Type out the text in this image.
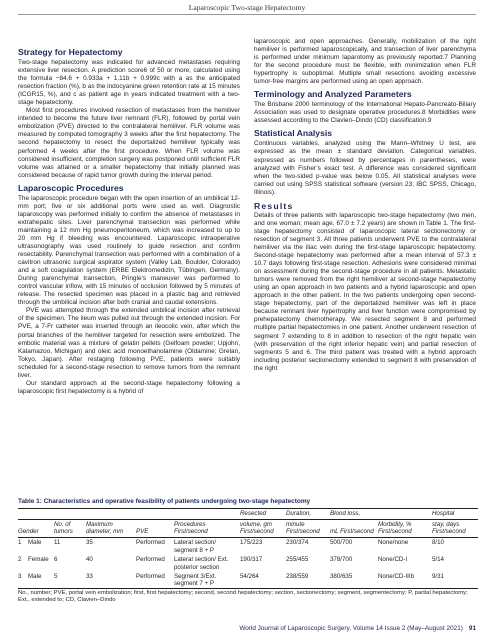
Laparoscopic Two-stage Hepatectomy
Strategy for Hepatectomy

Two-stage hepatectomy was indicated for advanced metastases requiring extensive liver resection. A prediction score6 of 50 or more, calculated using the formula −84.6 + 0.933a + 1.11b + 0.999c with a as the anticipated resection fraction (%), b as the indocyanine green retention rate at 15 minutes (ICGR15, %), and c as patient age in years indicated treatment with a two-stage hepatectomy.

Most first procedures involved resection of metastases from the hemiliver intended to become the future liver remnant (FLR), followed by portal vein embolization (PVE) directed to the contralateral hemiliver. FLR volume was measured by computed tomography 3 weeks after the first hepatectomy. The second hepatectomy to resect the deportalized hemiliver typically was performed 4 weeks after the first procedure. When FLR volume was considered insufficient, completion surgery was postponed until sufficient FLR volume was attained or a smaller hepatectomy that initially planned was considered because of rapid tumor growth during the interval period.

Laparoscopic Procedures

The laparoscopic procedure began with the open insertion of an umbilical 12-mm port; five or six additional ports were used as well. Diagnostic laparoscopy was performed initially to confirm the absence of metastases in extrahepatic sites. Liver parenchymal transection was performed while maintaining a 12 mm Hg pneumoperitoneum, which was increased to up to 20 mm Hg if bleeding was encountered. Laparoscopic intraoperative ultrasonography was used routinely to guide resection and confirm resectability. Parenchymal transection was performed with a combination of a cavitron ultrasonic surgical aspirator system (Valley Lab, Boulder, Colorado) and a soft coagulation system (ERBE Elektromedizin, Tübingen, Germany). During parenchymal transection, Pringle’s maneuver was performed to control vascular inflow, with 15 minutes of occlusion followed by 5 minutes of release. The resected specimen was placed in a plastic bag and retrieved through the umbilical incision after both cranial and caudal extensions.

PVE was attempted through the extended umbilical incision after retrieval of the specimen. The ileum was pulled out through the extended incision. For PVE, a 7-Fr catheter was inserted through an ileocolic vein, after which the portal branches of the hemiliver targeted for resection were embolized. The embolic material was a mixture of gelatin pellets (Gelfoam powder; Upjohn, Kalamazoo, Michigan) and oleic acid monoethanolamine (Oldamine; Grelan, Tokyo, Japan). After restaging following PVE, patients were suitably scheduled for a second-stage resection to remove tumors from the remnant liver.

Our standard approach at the second-stage hepatectomy following a laparoscopic first hepatectomy is a hybrid of

laparoscopic and open approaches. Generally, mobilization of the right hemiliver is performed laparoscopically, and transection of liver parenchyma is performed under minimum laparotomy as previously reported.7 Planning for the second procedure must be flexible, with minimization when FLR hypertrophy is suboptimal. Multiple small resections avoiding excessive tumor-free margins are performed using an open approach.

Terminology and Analyzed Parameters

The Brisbane 2000 terminology of the International Hepato-Pancreato-Biliary Association was used to designate operative procedures.8 Morbidities were assessed according to the Clavien–Dindo (CD) classification.9

Statistical Analysis

Continuous variables, analyzed using the Mann–Whitney U test, are expressed as the mean ± standard deviation. Categorical variables, expressed as numbers followed by percentages in parentheses, were analyzed with Fisher’s exact test. A difference was considered significant when the two-sided p-value was below 0.05. All statistical analyses were carried out using SPSS statistical software (version 23; IBC SPSS, Chicago, Illinois).

Results

Details of three patients with laparoscopic two-stage hepatectomy (two men, and one woman; mean age, 67.0 ± 7.2 years) are shown in Table 1. The first-stage hepatectomy consisted of laparoscopic lateral sectionectomy or resection of segment 3. All three patients underwent PVE to the contralateral hemiliver via the iliac vein during the first-stage laparoscopic hepatectomy. Second-stage hepatectomy was performed after a mean interval of 57.3 ± 10.7 days following first-stage resection. Adhesions were considered minimal on assessment during the second-stage procedure in all patients. Metastatic tumors were removed from the right hemiliver at second-stage hepatectomy using an open approach in two patients and a hybrid laparoscopic and open approach in the other patient. In the two patients undergoing open second-stage hepatectomy, part of the deportalized hemiliver was left in place because remnant liver hypertrophy and liver function were compromised by prehepatectomy chemotherapy. We resected segment 8 and performed multiple partial hepatectomies in one patient. Another underwent resection of segment 7 extending to 8 in addition to resection of the right hepatic vein (with preservation of the right inferior hepatic vein) and partial resection of segments 5 and 6. The third patient was treated with a hybrid approach including posterior sectionectomy extended to segment 8 with preservation of the right

Table 1: Characteristics and operative feasibility of patients undergoing two-stage hepatectomy
						Resected	Duration,	Blood loss,		Hospital
Gender		No. of tumors	Maximum diameter, mm	PVE	Procedures First/second	volume, gm First/second	minute First/second	mL First/second	Morbidity, % First/second	stay, days First/second
1	Male	11	35	Performed	Lateral section/ segment 8 + P	175/223	230/374	500/700	None/none	8/10
2	Female	6	40	Performed	Lateral section/ Ext. posterior section	190/317	255/455	378/700	None/CD-I	5/14
3	Male	5	33	Performed	Segment 3/Ext. segment 7 + P	54/264	238/559	380/635	None/CD-IIIb	9/31
No., number; PVE, portal vein embolization; first, first hepatectomy; second, second hepatectomy; section, sectionectomy; segment, segmentectomy; P, partial hepatectomy; Ext., extended to; CD, Clavien–Dindo
World Journal of Laparoscopic Surgery, Volume 14 Issue 2 (May–August 2021) 91
